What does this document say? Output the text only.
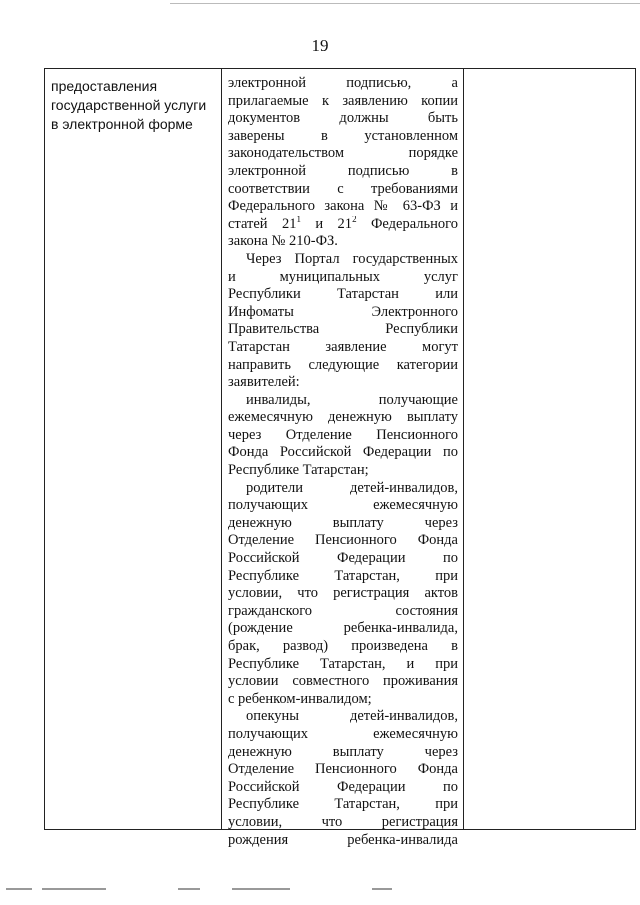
19
предоставления
государственной услуги
в электронной форме
электронной подписью, а
прилагаемые к заявлению копии
документов должны быть
заверены в установленном
законодательством порядке
электронной подписью в
соответствии с требованиями
Федерального закона № 63-ФЗ и
статей $21^1$ и $21^2$ Федерального
закона № 210-ФЗ.
Через Портал государственных
и муниципальных услуг
Республики Татарстан или
Инфоматы Электронного
Правительства Республики
Татарстан заявление могут
направить следующие категории
заявителей:
инвалиды, получающие
ежемесячную денежную выплату
через Отделение Пенсионного
Фонда Российской Федерации по
Республике Татарстан;
родители детей-инвалидов,
получающих ежемесячную
денежную выплату через
Отделение Пенсионного Фонда
Российской Федерации по
Республике Татарстан, при
условии, что регистрация актов
гражданского состояния
(рождение ребенка-инвалида,
брак, развод) произведена в
Республике Татарстан, и при
условии совместного проживания
с ребенком-инвалидом;
опекуны детей-инвалидов,
получающих ежемесячную
денежную выплату через
Отделение Пенсионного Фонда
Российской Федерации по
Республике Татарстан, при
условии, что регистрация
рождения ребенка-инвалида
